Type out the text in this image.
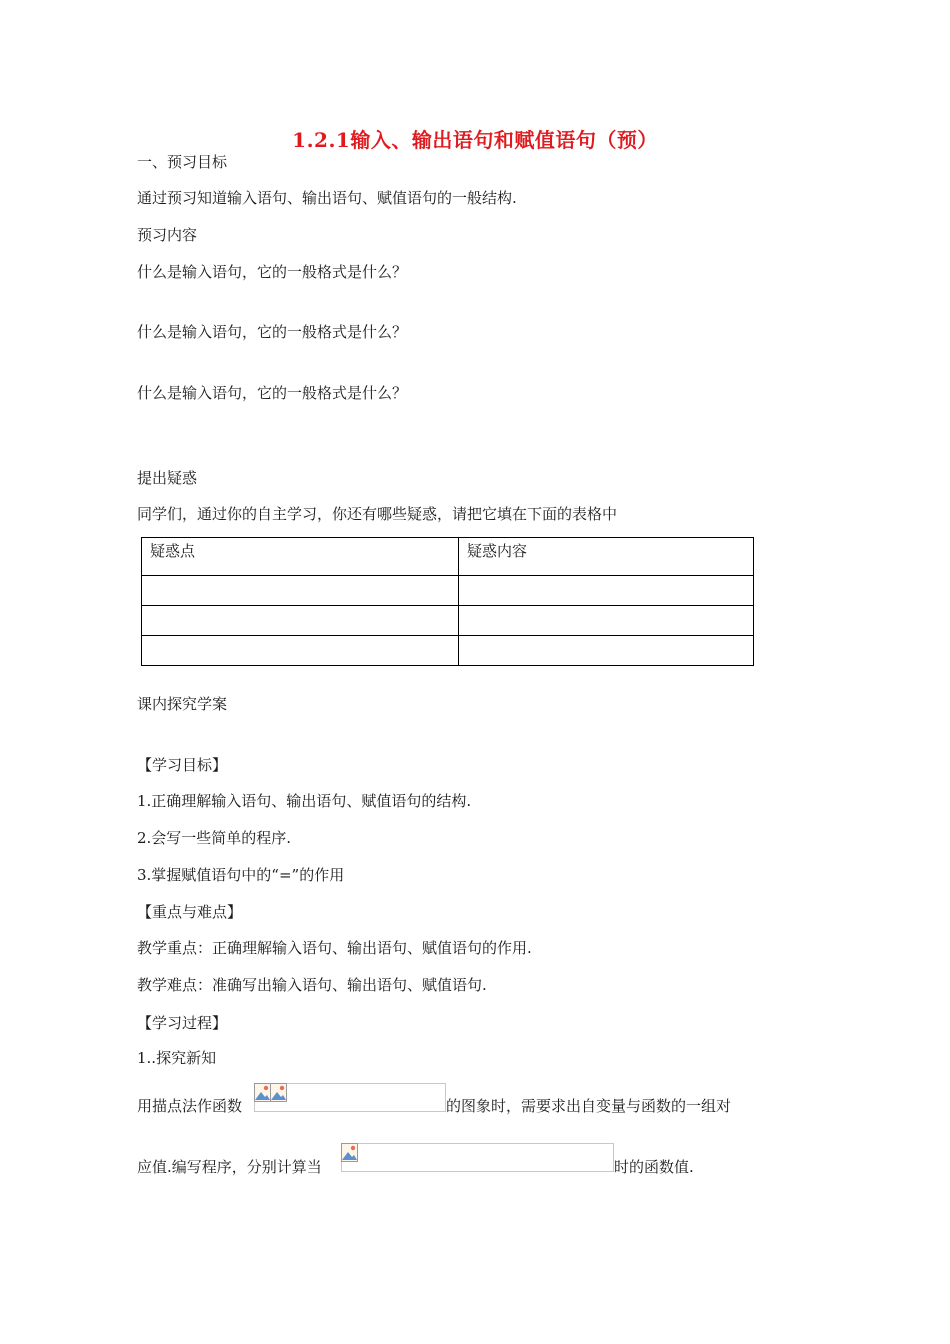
1.2.1输入、输出语句和赋值语句（预）
一、预习目标
通过预习知道输入语句、输出语句、赋值语句的一般结构.
预习内容
什么是输入语句，它的一般格式是什么？
什么是输入语句，它的一般格式是什么？
什么是输入语句，它的一般格式是什么？
提出疑惑
同学们，通过你的自主学习，你还有哪些疑惑，请把它填在下面的表格中
疑惑点	疑惑内容

课内探究学案
【学习目标】
1.正确理解输入语句、输出语句、赋值语句的结构.
2.会写一些简单的程序.
3.掌握赋值语句中的“=”的作用
【重点与难点】
教学重点：正确理解输入语句、输出语句、赋值语句的作用.
教学难点：准确写出输入语句、输出语句、赋值语句.
【学习过程】
1..探究新知
用描点法作函数	的图象时，需要求出自变量与函数的一组对
应值.编写程序，分别计算当	时的函数值.
